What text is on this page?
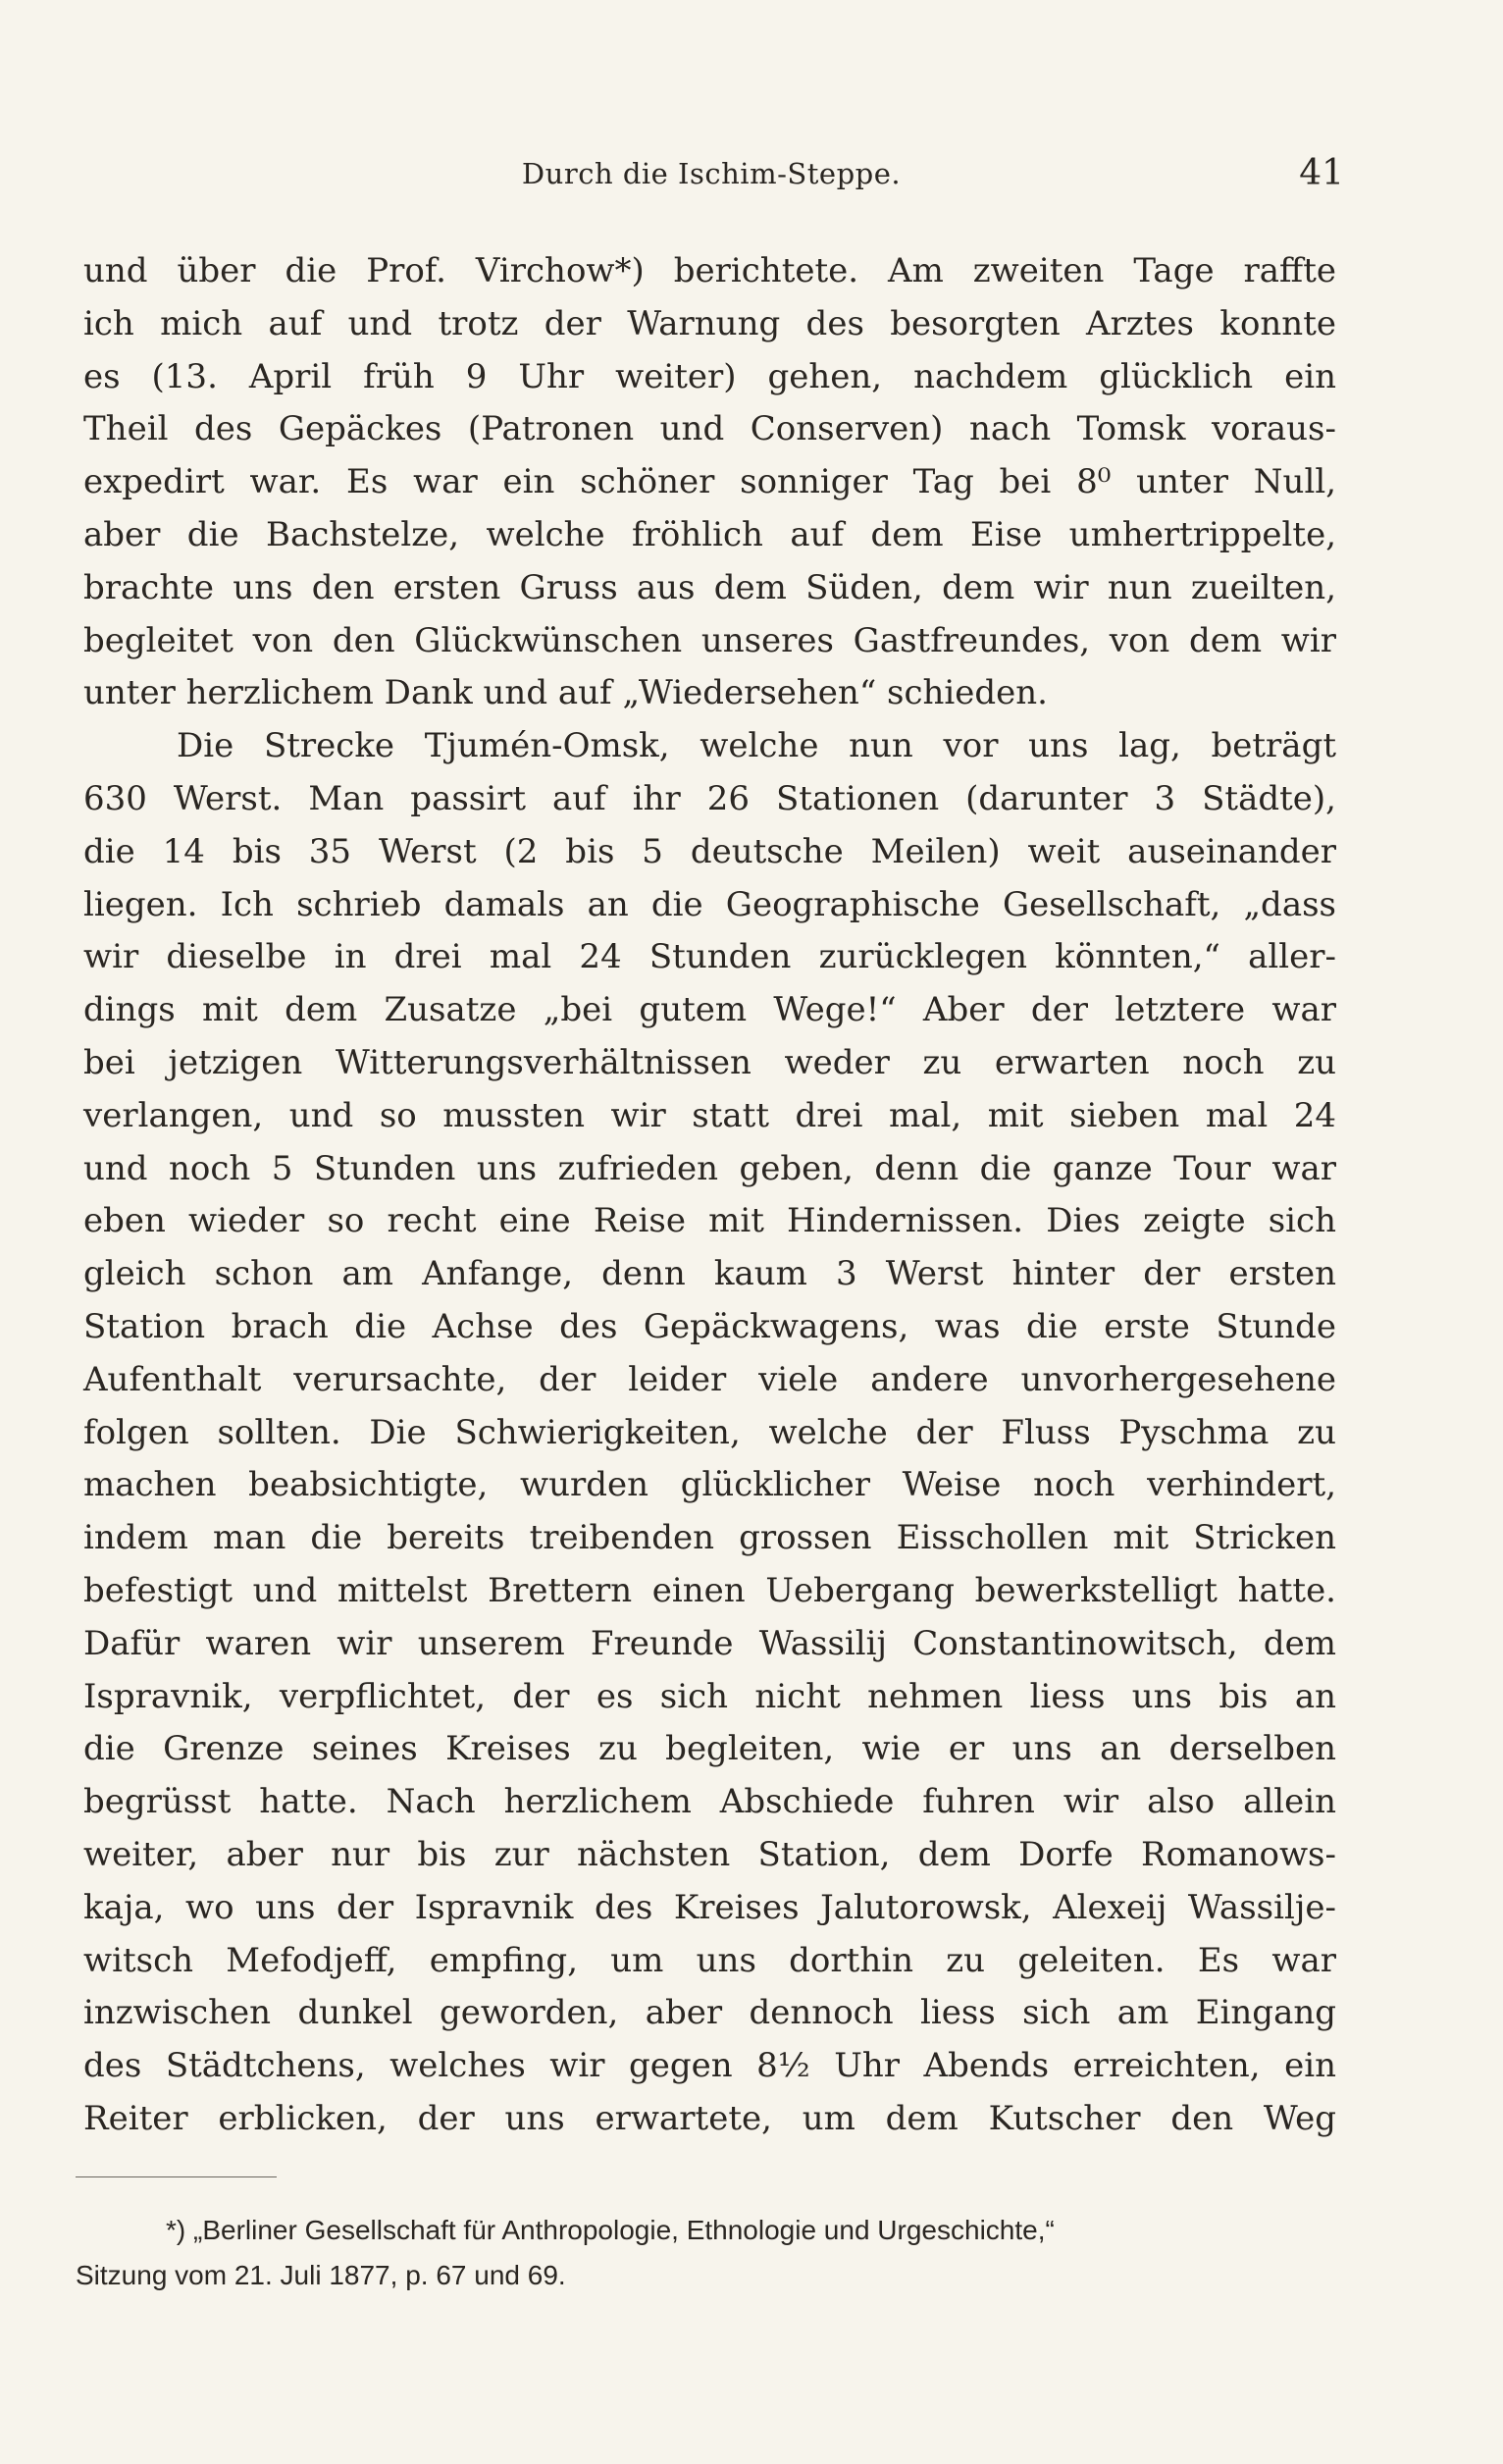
Durch die Ischim-Steppe.	41
und über die Prof. Virchow*) berichtete. Am zweiten Tage raffte
ich mich auf und trotz der Warnung des besorgten Arztes konnte
es (13. April früh 9 Uhr weiter) gehen, nachdem glücklich ein
Theil des Gepäckes (Patronen und Conserven) nach Tomsk voraus-
expedirt war. Es war ein schöner sonniger Tag bei 8⁰ unter Null,
aber die Bachstelze, welche fröhlich auf dem Eise umhertrippelte,
brachte uns den ersten Gruss aus dem Süden, dem wir nun zueilten,
begleitet von den Glückwünschen unseres Gastfreundes, von dem wir
unter herzlichem Dank und auf „Wiedersehen“ schieden.
Die Strecke Tjumén-Omsk, welche nun vor uns lag, beträgt
630 Werst. Man passirt auf ihr 26 Stationen (darunter 3 Städte),
die 14 bis 35 Werst (2 bis 5 deutsche Meilen) weit auseinander
liegen. Ich schrieb damals an die Geographische Gesellschaft, „dass
wir dieselbe in drei mal 24 Stunden zurücklegen könnten,“ aller-
dings mit dem Zusatze „bei gutem Wege!“ Aber der letztere war
bei jetzigen Witterungsverhältnissen weder zu erwarten noch zu
verlangen, und so mussten wir statt drei mal, mit sieben mal 24
und noch 5 Stunden uns zufrieden geben, denn die ganze Tour war
eben wieder so recht eine Reise mit Hindernissen. Dies zeigte sich
gleich schon am Anfange, denn kaum 3 Werst hinter der ersten
Station brach die Achse des Gepäckwagens, was die erste Stunde
Aufenthalt verursachte, der leider viele andere unvorhergesehene
folgen sollten. Die Schwierigkeiten, welche der Fluss Pyschma zu
machen beabsichtigte, wurden glücklicher Weise noch verhindert,
indem man die bereits treibenden grossen Eisschollen mit Stricken
befestigt und mittelst Brettern einen Uebergang bewerkstelligt hatte.
Dafür waren wir unserem Freunde Wassilij Constantinowitsch, dem
Ispravnik, verpflichtet, der es sich nicht nehmen liess uns bis an
die Grenze seines Kreises zu begleiten, wie er uns an derselben
begrüsst hatte. Nach herzlichem Abschiede fuhren wir also allein
weiter, aber nur bis zur nächsten Station, dem Dorfe Romanows-
kaja, wo uns der Ispravnik des Kreises Jalutorowsk, Alexeij Wassilje-
witsch Mefodjeff, empfing, um uns dorthin zu geleiten. Es war
inzwischen dunkel geworden, aber dennoch liess sich am Eingang
des Städtchens, welches wir gegen 8½ Uhr Abends erreichten, ein
Reiter erblicken, der uns erwartete, um dem Kutscher den Weg
*) „Berliner Gesellschaft für Anthropologie, Ethnologie und Urgeschichte,“
Sitzung vom 21. Juli 1877, p. 67 und 69.
